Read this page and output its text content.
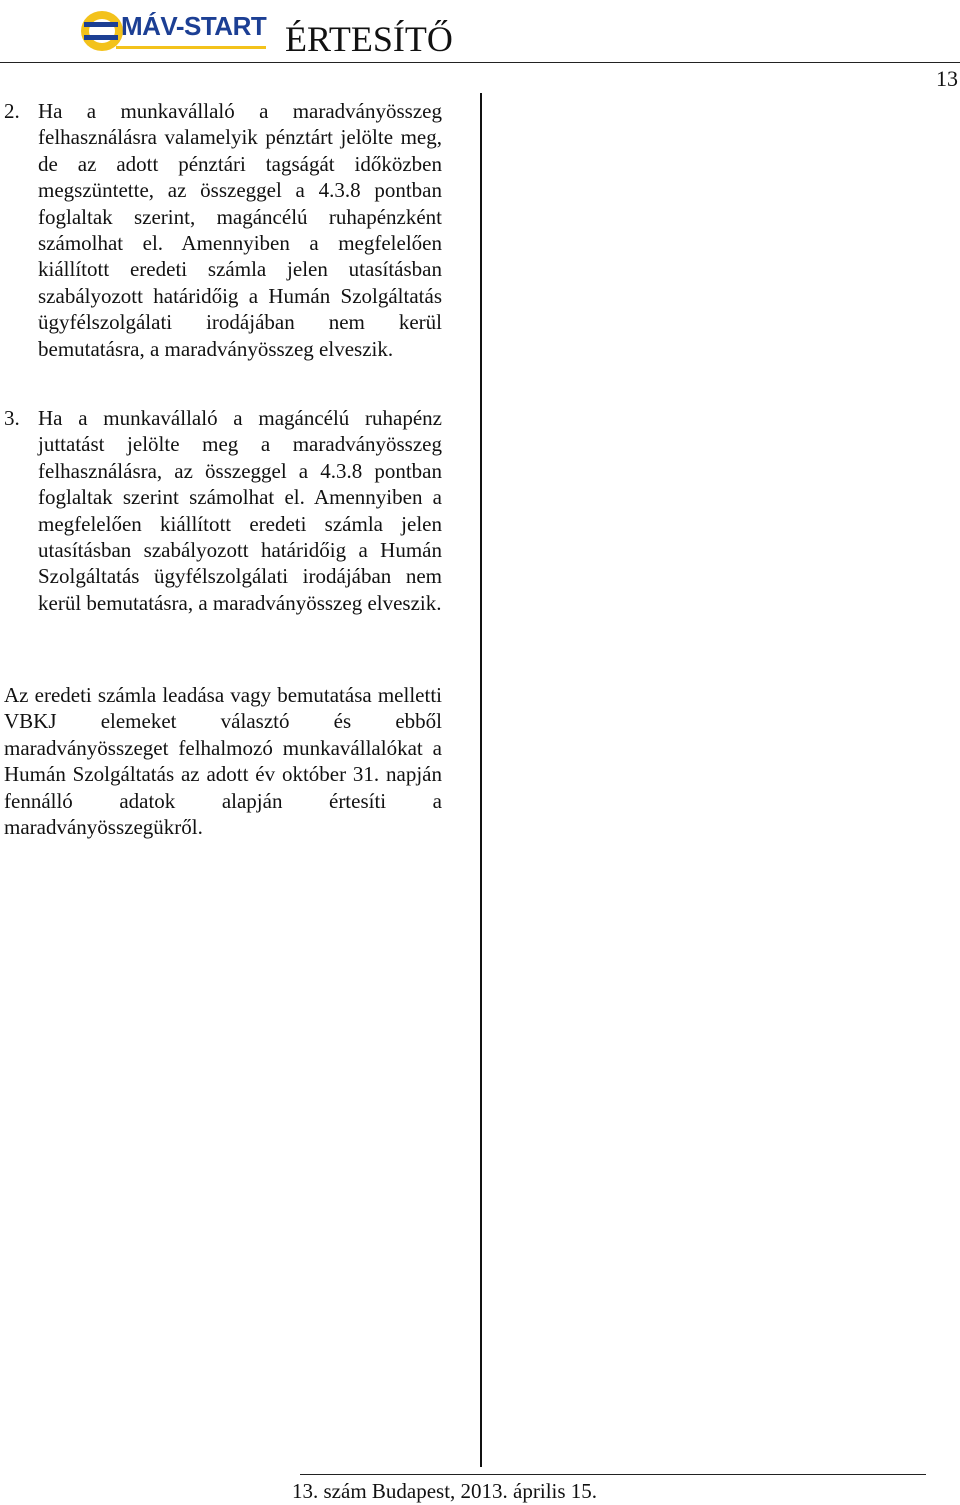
MÁV-START ÉRTESÍTŐ
13
2. Ha a munkavállaló a maradványösszeg felhasználásra valamelyik pénztárt jelölte meg, de az adott pénztári tagságát időközben megszüntette, az összeggel a 4.3.8 pontban foglaltak szerint, magáncélú ruhapénzként számolhat el. Amennyiben a megfelelően kiállított eredeti számla jelen utasításban szabályozott határidőig a Humán Szolgáltatás ügyfélszolgálati irodájában nem kerül bemutatásra, a maradványösszeg elveszik.
3. Ha a munkavállaló a magáncélú ruhapénz juttatást jelölte meg a maradványösszeg felhasználásra, az összeggel a 4.3.8 pontban foglaltak szerint számolhat el. Amennyiben a megfelelően kiállított eredeti számla jelen utasításban szabályozott határidőig a Humán Szolgáltatás ügyfélszolgálati irodájában nem kerül bemutatásra, a maradványösszeg elveszik.
Az eredeti számla leadása vagy bemutatása melletti VBKJ elemeket választó és ebből maradványösszeget felhalmozó munkavállalókat a Humán Szolgáltatás az adott év október 31. napján fennálló adatok alapján értesíti a maradványösszegükről.
13. szám Budapest, 2013. április 15.
